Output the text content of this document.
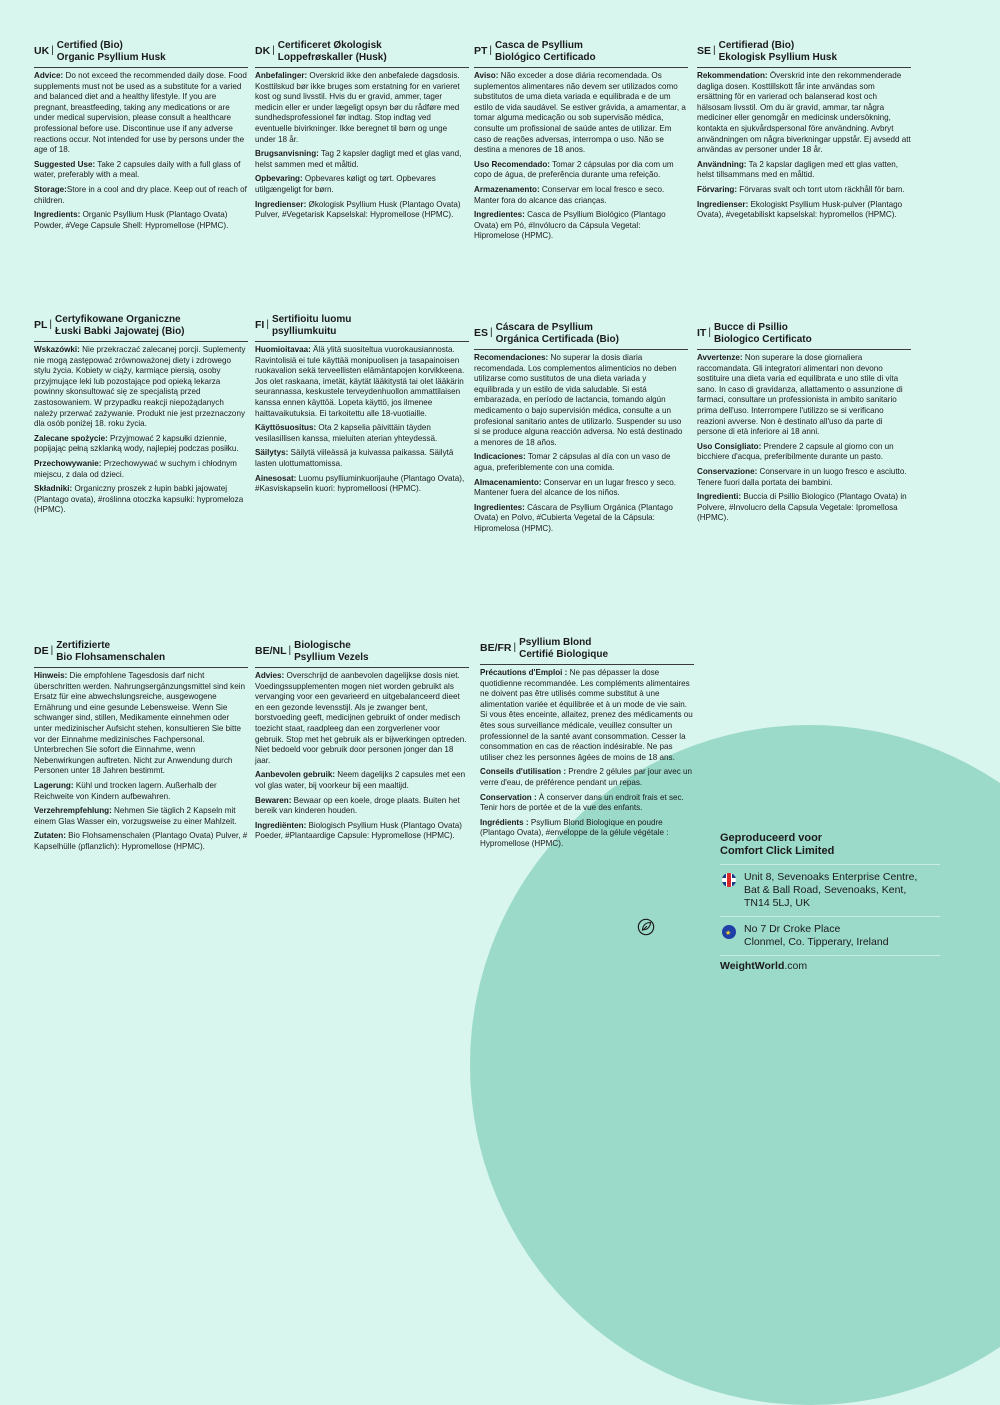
UK | Certified (Bio)
Organic Psyllium Husk
Advice: Do not exceed the recommended daily dose. Food supplements must not be used as a substitute for a varied and balanced diet and a healthy lifestyle. If you are pregnant, breastfeeding, taking any medications or are under medical supervision, please consult a healthcare professional before use. Discontinue use if any adverse reactions occur. Not intended for use by persons under the age of 18.
Suggested Use: Take 2 capsules daily with a full glass of water, preferably with a meal.
Storage:Store in a cool and dry place. Keep out of reach of children.
Ingredients: Organic Psyllium Husk (Plantago Ovata) Powder, #Vege Capsule Shell: Hypromellose (HPMC).
DK | Certificeret Økologisk
Loppefrøskaller (Husk)
Anbefalinger: Overskrid ikke den anbefalede dagsdosis. Kosttilskud bør ikke bruges som erstatning for en varieret kost og sund livsstil. Hvis du er gravid, ammer, tager medicin eller er under lægeligt opsyn bør du rådføre med sundhedsprofessionel før indtag. Stop indtag ved eventuelle bivirkninger. Ikke beregnet til børn og unge under 18 år.
Brugsanvisning: Tag 2 kapsler dagligt med et glas vand, helst sammen med et måltid.
Opbevaring: Opbevares køligt og tørt. Opbevares utilgængeligt for børn.
Ingredienser: Økologisk Psyllium Husk (Plantago Ovata) Pulver, #Vegetarisk Kapselskal: Hypromellose (HPMC).
PT | Casca de Psyllium
Biológico Certificado
Aviso: Não exceder a dose diária recomendada. Os suplementos alimentares não devem ser utilizados como substitutos de uma dieta variada e equilibrada e de um estilo de vida saudável. Se estiver grávida, a amamentar, a tomar alguma medicação ou sob supervisão médica, consulte um profissional de saúde antes de utilizar. Em caso de reações adversas, interrompa o uso. Não se destina a menores de 18 anos.
Uso Recomendado: Tomar 2 cápsulas por dia com um copo de água, de preferência durante uma refeição.
Armazenamento: Conservar em local fresco e seco. Manter fora do alcance das crianças.
Ingredientes: Casca de Psyllium Biológico (Plantago Ovata) em Pó, #Invólucro da Cápsula Vegetal: Hipromelose (HPMC).
SE | Certifierad (Bio)
Ekologisk Psyllium Husk
Rekommendation: Överskrid inte den rekommenderade dagliga dosen. Kosttillskott får inte användas som ersättning för en varierad och balanserad kost och hälsosam livsstil. Om du är gravid, ammar, tar några mediciner eller genomgår en medicinsk undersökning, kontakta en sjukvårdspersonal före användning. Avbryt användningen om några biverkningar uppstår. Ej avsedd att användas av personer under 18 år.
Användning: Ta 2 kapslar dagligen med ett glas vatten, helst tillsammans med en måltid.
Förvaring: Förvaras svalt och torrt utom räckhåll för barn.
Ingredienser: Ekologiskt Psyllium Husk-pulver (Plantago Ovata), #vegetabiliskt kapselskal: hypromellos (HPMC).
PL | Certyfikowane Organiczne
Łuski Babki Jajowatej (Bio)
Wskazówki: Nie przekraczać zalecanej porcji. Suplementy nie mogą zastępować zrównoważonej diety i zdrowego stylu życia. Kobiety w ciąży, karmiące piersią, osoby przyjmujące leki lub pozostające pod opieką lekarza powinny skonsultować się ze specjalistą przed zastosowaniem. W przypadku reakcji niepożądanych należy przerwać zażywanie. Produkt nie jest przeznaczony dla osób poniżej 18. roku życia.
Zalecane spożycie: Przyjmować 2 kapsułki dziennie, popijając pełną szklanką wody, najlepiej podczas posiłku.
Przechowywanie: Przechowywać w suchym i chłodnym miejscu, z dala od dzieci.
Składniki: Organiczny proszek z łupin babki jajowatej (Plantago ovata), #roślinna otoczka kapsułki: hypromeloza (HPMC).
FI | Sertifioitu luomu
psylliumkuitu
Huomioitavaa: Älä ylitä suositeltua vuorokausiannosta. Ravintolisiä ei tule käyttää monipuolisen ja tasapainoisen ruokavalion sekä terveellisten elämäntapojen korvikkeena. Jos olet raskaana, imetät, käytät lääkitystä tai olet lääkärin seurannassa, keskustele terveydenhuollon ammattilaisen kanssa ennen käyttöä. Lopeta käyttö, jos ilmenee haittavaikutuksia. Ei tarkoitettu alle 18-vuotiaille.
Käyttösuositus: Ota 2 kapselia päivittäin täyden vesilasillisen kanssa, mieluiten aterian yhteydessä.
Säilytys: Säilytä viileässä ja kuivassa paikassa. Säilytä lasten ulottumattomissa.
Ainesosat: Luomu psylliuminkuorijauhe (Plantago Ovata), #Kasviskapselin kuori: hypromelloosi (HPMC).
ES | Cáscara de Psyllium
Orgánica Certificada (Bio)
Recomendaciones: No superar la dosis diaria recomendada. Los complementos alimenticios no deben utilizarse como sustitutos de una dieta variada y equilibrada y un estilo de vida saludable. Si está embarazada, en período de lactancia, tomando algún medicamento o bajo supervisión médica, consulte a un profesional sanitario antes de utilizarlo. Suspender su uso si se produce alguna reacción adversa. No está destinado a menores de 18 años.
Indicaciones: Tomar 2 cápsulas al día con un vaso de agua, preferiblemente con una comida.
Almacenamiento: Conservar en un lugar fresco y seco. Mantener fuera del alcance de los niños.
Ingredientes: Cáscara de Psyllium Orgánica (Plantago Ovata) en Polvo, #Cubierta Vegetal de la Cápsula: Hipromelosa (HPMC).
IT | Bucce di Psillio
Biologico Certificato
Avvertenze: Non superare la dose giornaliera raccomandata. Gli integratori alimentari non devono sostituire una dieta varia ed equilibrata e uno stile di vita sano. In caso di gravidanza, allattamento o assunzione di farmaci, consultare un professionista in ambito sanitario prima dell'uso. Interrompere l'utilizzo se si verificano reazioni avverse. Non è destinato all'uso da parte di persone di età inferiore ai 18 anni.
Uso Consigliato: Prendere 2 capsule al giorno con un bicchiere d'acqua, preferibilmente durante un pasto.
Conservazione: Conservare in un luogo fresco e asciutto. Tenere fuori dalla portata dei bambini.
Ingredienti: Buccia di Psillio Biologico (Plantago Ovata) in Polvere, #Involucro della Capsula Vegetale: Ipromellosa (HPMC).
DE | Zertifizierte
Bio Flohsamenschalen
Hinweis: Die empfohlene Tagesdosis darf nicht überschritten werden. Nahrungsergänzungsmittel sind kein Ersatz für eine abwechslungsreiche, ausgewogene Ernährung und eine gesunde Lebensweise. Wenn Sie schwanger sind, stillen, Medikamente einnehmen oder unter medizinischer Aufsicht stehen, konsultieren Sie bitte vor der Einnahme medizinisches Fachpersonal. Unterbrechen Sie sofort die Einnahme, wenn Nebenwirkungen auftreten. Nicht zur Anwendung durch Personen unter 18 Jahren bestimmt.
Lagerung: Kühl und trocken lagern. Außerhalb der Reichweite von Kindern aufbewahren.
Verzehrempfehlung: Nehmen Sie täglich 2 Kapseln mit einem Glas Wasser ein, vorzugsweise zu einer Mahlzeit.
Zutaten: Bio Flohsamenschalen (Plantago Ovata) Pulver, # Kapselhülle (pflanzlich): Hypromellose (HPMC).
BE/NL | Biologische
Psyllium Vezels
Advies: Overschrijd de aanbevolen dagelijkse dosis niet. Voedingssupplementen mogen niet worden gebruikt als vervanging voor een gevarieerd en uitgebalanceerd dieet en een gezonde levensstijl. Als je zwanger bent, borstvoeding geeft, medicijnen gebruikt of onder medisch toezicht staat, raadpleeg dan een zorgverlener voor gebruik. Stop met het gebruik als er bijwerkingen optreden. Niet bedoeld voor gebruik door personen jonger dan 18 jaar.
Aanbevolen gebruik: Neem dagelijks 2 capsules met een vol glas water, bij voorkeur bij een maaltijd.
Bewaren: Bewaar op een koele, droge plaats. Buiten het bereik van kinderen houden.
Ingrediënten: Biologisch Psyllium Husk (Plantago Ovata) Poeder, #Plantaardige Capsule: Hypromellose (HPMC).
BE/FR | Psyllium Blond
Certifié Biologique
Précautions d'Emploi : Ne pas dépasser la dose quotidienne recommandée. Les compléments alimentaires ne doivent pas être utilisés comme substitut à une alimentation variée et équilibrée et à un mode de vie sain. Si vous êtes enceinte, allaitez, prenez des médicaments ou êtes sous surveillance médicale, veuillez consulter un professionnel de la santé avant consommation. Cesser la consommation en cas de réaction indésirable. Ne pas utiliser chez les personnes âgées de moins de 18 ans.
Conseils d'utilisation : Prendre 2 gélules par jour avec un verre d'eau, de préférence pendant un repas.
Conservation : À conserver dans un endroit frais et sec. Tenir hors de portée et de la vue des enfants.
Ingrédients : Psyllium Blond Biologique en poudre (Plantago Ovata), #enveloppe de la gélule végétale : Hypromellose (HPMC).	Geproduceerd voor
Comfort Click Limited
Unit 8, Sevenoaks Enterprise Centre,
Bat & Ball Road, Sevenoaks, Kent,
TN14 5LJ, UK
★
No 7 Dr Croke Place
Clonmel, Co. Tipperary, Ireland
WeightWorld.com
